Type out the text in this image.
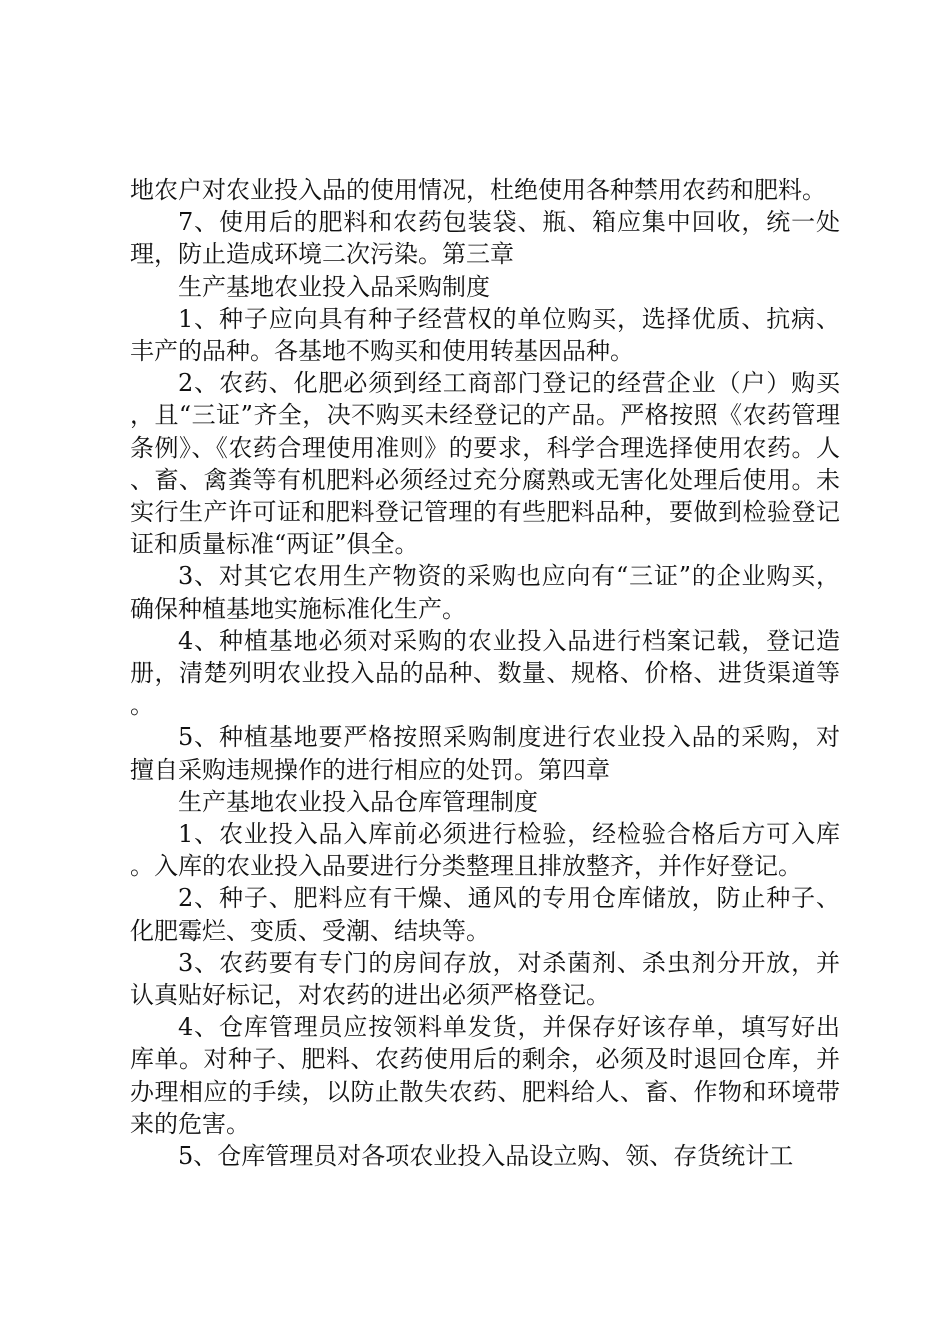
地农户对农业投入品的使用情况，杜绝使用各种禁用农药和肥料。

7、使用后的肥料和农药包装袋、瓶、箱应集中回收，统一处理，防止造成环境二次污染。第三章

生产基地农业投入品采购制度

1、种子应向具有种子经营权的单位购买，选择优质、抗病、丰产的品种。各基地不购买和使用转基因品种。

2、农药、化肥必须到经工商部门登记的经营企业（户）购买，且“三证”齐全，决不购买未经登记的产品。严格按照《农药管理条例》、《农药合理使用准则》的要求，科学合理选择使用农药。人、畜、禽粪等有机肥料必须经过充分腐熟或无害化处理后使用。未实行生产许可证和肥料登记管理的有些肥料品种，要做到检验登记证和质量标准“两证”俱全。

3、对其它农用生产物资的采购也应向有“三证”的企业购买，确保种植基地实施标准化生产。

4、种植基地必须对采购的农业投入品进行档案记载，登记造册，清楚列明农业投入品的品种、数量、规格、价格、进货渠道等。

5、种植基地要严格按照采购制度进行农业投入品的采购，对擅自采购违规操作的进行相应的处罚。第四章

生产基地农业投入品仓库管理制度

1、农业投入品入库前必须进行检验，经检验合格后方可入库。入库的农业投入品要进行分类整理且排放整齐，并作好登记。

2、种子、肥料应有干燥、通风的专用仓库储放，防止种子、化肥霉烂、变质、受潮、结块等。

3、农药要有专门的房间存放，对杀菌剂、杀虫剂分开放，并认真贴好标记，对农药的进出必须严格登记。

4、仓库管理员应按领料单发货，并保存好该存单，填写好出库单。对种子、肥料、农药使用后的剩余，必须及时退回仓库，并办理相应的手续，以防止散失农药、肥料给人、畜、作物和环境带来的危害。

5、仓库管理员对各项农业投入品设立购、领、存货统计工
